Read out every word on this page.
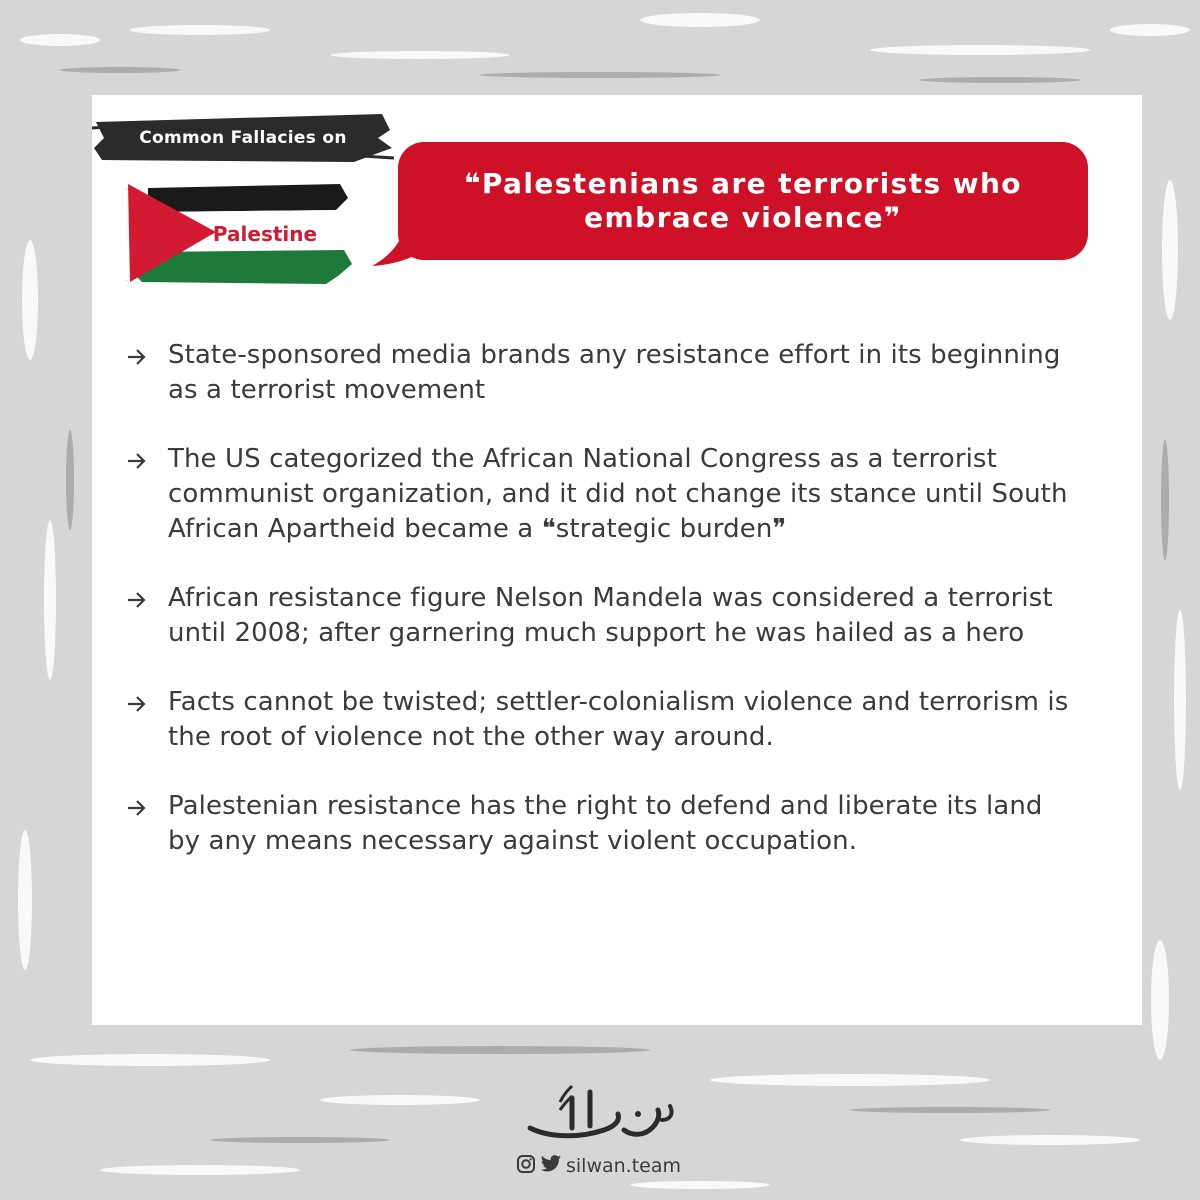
Common Fallacies on
Palestine
❝Palestenians are terrorists who embrace violence❞
State-sponsored media brands any resistance effort in its beginning as a terrorist movement
The US categorized the African National Congress as a terrorist communist organization, and it did not change its stance until South African Apartheid became a ❝strategic burden❞
African resistance figure Nelson Mandela was considered a terrorist until 2008; after garnering much support he was hailed as a hero
Facts cannot be twisted; settler-colonialism violence and terrorism is the root of violence not the other way around.
Palestenian resistance has the right to defend and liberate its land by any means necessary against violent occupation.
silwan.team
